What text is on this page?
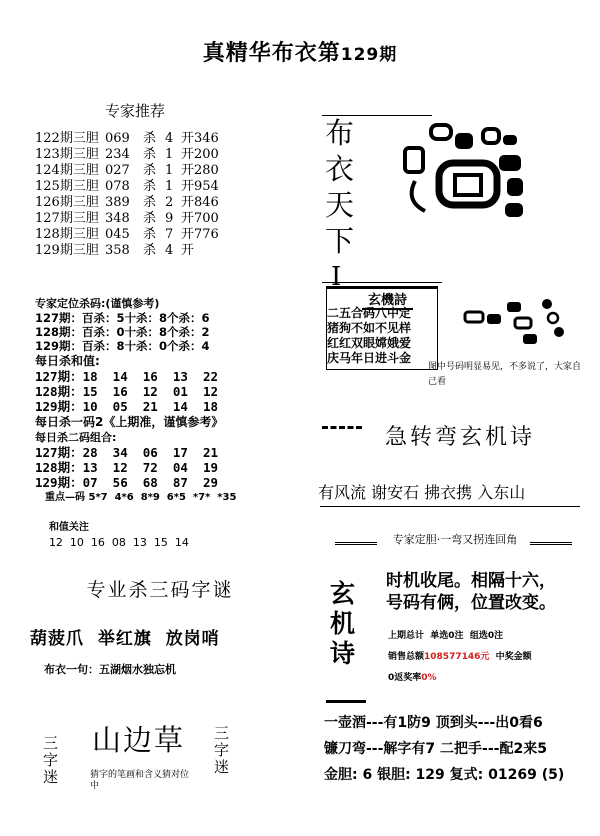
真精华布衣第129期
专家推荐
122期三胆 069 杀 4 开346
123期三胆 234 杀 1 开200
124期三胆 027 杀 1 开280
125期三胆 078 杀 1 开954
126期三胆 389 杀 2 开846
127期三胆 348 杀 9 开700
128期三胆 045 杀 7 开776
129期三胆 358 杀 4 开
专家定位杀码:(谨慎参考)
127期：百杀：5十杀：8个杀：6
128期：百杀：0十杀：8个杀：2
129期：百杀：8十杀：0个杀：4
每日杀和值:
127期：18  14  16  13  22
128期：15  16  12  01  12
129期：10  05  21  14  18
每日杀一码2《上期准，谨慎参考》
每日杀二码组合:
127期：28  34  06  17  21
128期：13  12  72  04  19
129期：07  56  68  87  29
重点—码 5*7  4*6  8*9  6*5  *7*  *35

和值关注
12  10  16  08  13  15  14

专业杀三码字谜
葫菠爪 举红旗 放岗哨
布衣一句：五湖烟水独忘机
三字迷
山边草
猜字的笔画和含义猜对位中
三字迷
布衣天下
I
玄機詩
二五合码八中定
猪狗不如不见样
红红双眼嫦娥爱
庆马年日进斗金
图中号码明显易见，不多说了，大家自己看
急转弯玄机诗
有风流 谢安石 拂衣携 入东山
专家定胆·一弯又拐连回角
玄机诗
时机收尾。相隔十六，
号码有俩，位置改变。
上期总计 单选0注 组选0注
销售总额108577146元 中奖金额
0返奖率0%
一壶酒---有1防9 顶到头---出0看6
镰刀弯---解字有7 二把手---配2来5
金胆: 6 银胆: 129 复式: 01269 (5)
